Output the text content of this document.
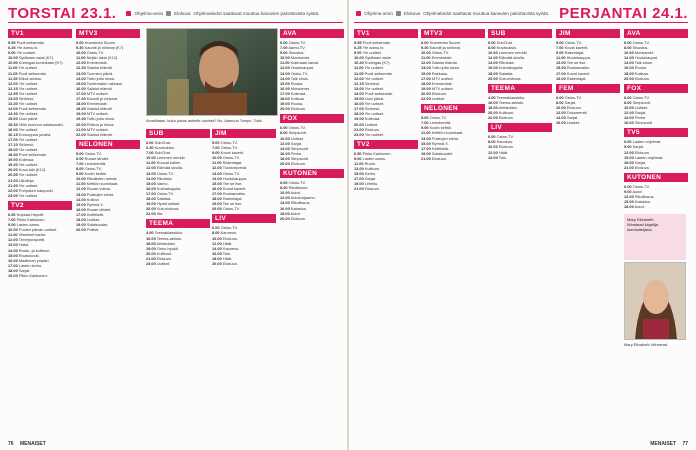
TORSTAI 23.1.	Ohjelma-arvio Elokuva Ohjelmatiedot saattavat muuttua kanavien pakottavista syistä.	Ohjelma-arvio Elokuva Ohjelmatiedot saattavat muuttua kanavien pakottavista syistä. PERJANTAI 24.1.
TV1
5.55 Puoli seitsemän.
6.25 Yle aamu-tv.
9.00 Yle uutiset.
10.00 Sydämen asiat (K7).
10.50 Kuningas-kuninkaan (K7).
11.00 Yle uutiset.
11.05 Puoli seitsemän.
11.35 Elävä arkisto.
12.00 Yle uutiset.
12.15 Yle uutiset.
12.55 Yle uutiset.
13.00 Strömsö.
13.30 Yle uutiset.
14.00 Puoli seitsemän.
14.30 Yle uutiset.
15.00 Uusi päivä.
15.30 Villin luonnon salaisuudet.
16.00 Yle uutiset.
16.15 Eurooppaa junalla.
17.00 Yle uutiset.
17.10 Strömsö.
18.00 Yle uutiset.
18.30 Puoli seitsemän.
19.00 Kotimaa.
19.30 Yle uutiset.
20.00 Kova laki (K12).
20.55 Yle uutiset.
21.00 Ulkolinja.
21.30 Yle uutiset.
22.00 Pohjoisen kaupunki.
23.00 Yle uutiset.
TV2
6.50 Nopsaa Hepulit.
7.00 Pikku Kakkonen.
9.00 Lasten aamu.
10.00 Puolen päivän uutiset.
11.00 Viimeiset kadut.
12.00 Terveysraportti.
13.00 Hatut.
14.00 Ruutu- ja kulttuuri.
15.00 Ruutukuvat.
16.00 Maailman ympäri.
17.00 Lasten kerho.
18.00 Sarjat.
19.00 Pikku Kakkonen.
MTV3
6.00 Huomenta Suomi.
9.30 Kauniit ja rohkeat (K7).
10.00 Ostos-TV.
11.00 Neljän lakia (K12).
12.00 Emmerdale.
12.30 Salatut elämät.
13.00 Tuomion päivä.
14.00 Tuttu juttu show.
15.00 Tuntematon rakkaus.
16.00 Salatut elämät.
17.00 MTV uutiset.
17.30 Kauniit ja rohkeat.
18.00 Emmerdale.
18.30 Salatut elämät.
19.00 MTV uutiset.
19.30 Tuttu juttu show.
20.00 Pelkoa ja inhoa.
21.00 MTV uutiset.
22.00 Salatut elämät.
NELONEN
5.00 Ostos-TV.
6.00 Ruuan tähdet.
7.00 Lentokenttä.
8.00 Ostos-TV.
9.00 Kodin keittiö.
10.00 Rikollisten tarinat.
11.00 Keittiön kuninkaat.
12.00 Ruuan voima.
13.00 Puistojen sielut.
14.00 Kotiovi.
15.00 Ryhmä X.
16.00 Ruuan tähdet.
17.00 Keittiöstä.
18.00 Uutiset.
19.00 Salaisuudet.
20.00 Poliisit.
SUB
6.00 SubChat.
6.30 Kuvatuksia.
7.00 SubChat.
10.00 Lemmen merkki.
11.00 Rouvat kallen.
12.00 Elämää sivulla.
13.00 Ostos-TV.
14.00 Rikoksia.
15.00 Vaimo.
16.00 Kulmakuppila.
17.00 Ostos-TV.
18.00 Salaisia.
19.00 Hyvät uutiset.
20.00 Sub-elokuva.
22.00 Ilta.
TEEMA
4.00 Teemaklassikko.
16.00 Teema-arkisto.
18.00 Arkistoista.
19.00 Onko hyvää.
20.00 Kulttuuri.
21.00 Elokuva.
23.00 Uutiset.
JIM
5.00 Ostos-TV.
7.00 Ostos-TV.
9.00 Kovat kaverit.
10.00 Ostos-TV.
11.00 Rakentajat.
12.00 Tuotantovelat.
13.00 Ostos-TV.
14.00 Huutokauppa.
15.00 Tee se itse.
16.00 Kovat kaverit.
17.00 Ruokamatka.
18.00 Rakentajat.
19.00 Tee se itse.
20.00 Ostos-TV.
LIV
6.00 Ostos-TV.
8.00 Kauneus.
10.00 Elokuva.
12.00 Häät.
14.00 Kauneus.
16.00 Talo.
18.00 Häät.
20.00 Elokuva.
AVA
6.00 Ostos-TV.
7.00 Aamu-TV.
9.00 Sisustus.
10.00 Morsiamet.
11.00 Kotimaan kartat.
12.00 Huutokaupat.
13.00 Ostos-TV.
14.00 Talk show.
15.00 Ruoka.
16.00 Morsiamet.
17.00 Kotimaa.
18.00 Kokkaa.
19.00 Ruoka.
20.00 Elokuva.
FOX
6.00 Ostos-TV.
8.00 Simpsonit.
10.00 Uutiset.
12.00 Sarjat.
14.00 Simpsonit.
16.00 Perhe.
18.00 Simpsonit.
20.00 Elokuva.
KUTONEN
6.00 Ostos-TV.
8.00 Rikollisuus.
10.00 Autot.
12.00 Autokorjaamo.
14.00 Rikollisuus.
16.00 Kalastus.
18.00 Autot.
20.00 Elokuva.
TV1
5.55 Puoli seitsemän.
6.25 Yle aamu-tv.
9.00 Yle uutiset.
10.00 Sydämen asiat.
10.40 Kuningas (K7).
11.00 Yle uutiset.
11.05 Puoli seitsemän.
12.00 Yle uutiset.
12.15 Strömsö.
13.00 Yle uutiset.
14.00 Puoli seitsemän.
15.00 Uusi päivä.
16.00 Yle uutiset.
17.00 Strömsö.
18.00 Yle uutiset.
19.00 Kotimaa.
20.00 Uutiset.
21.00 Elokuva.
23.00 Yle uutiset.
TV2
6.50 Pikku Kakkonen.
9.00 Lasten aamu.
11.00 Ruutu.
13.00 Kulttuuri.
15.00 Kerho.
17.00 Sarjat.
19.00 Urheilu.
21.00 Elokuva.
MTV3
6.00 Huomenta Suomi.
9.30 Kauniit ja rohkeat.
10.00 Ostos-TV.
11.00 Emmerdale.
12.00 Salatut elämät.
13.00 Tuttu juttu show.
15.00 Rakkaus.
17.00 MTV uutiset.
18.00 Emmerdale.
19.00 MTV uutiset.
20.00 Elokuva.
22.00 Uutiset.
NELONEN
5.00 Ostos-TV.
7.00 Lentokenttä.
9.00 Kodin keittiö.
11.00 Keittiön kuninkaat.
13.00 Puistojen sielut.
15.00 Ryhmä X.
17.00 Keittiöstä.
19.00 Salaisuudet.
21.00 Elokuva.
SUB
6.00 SubChat.
8.00 Kuvatuksia.
10.00 Lemmen merkki.
12.00 Elämää sivulla.
14.00 Rikoksia.
16.00 Kulmakuppila.
18.00 Salaisia.
20.00 Sub-elokuva.
TEEMA
4.00 Teemaklassikko.
16.00 Teema-arkisto.
18.00 Arkistoista.
20.00 Kulttuuri.
22.00 Elokuva.
LIV
6.00 Ostos-TV.
8.00 Kauneus.
10.00 Elokuva.
12.00 Häät.
14.00 Talo.
JIM
5.00 Ostos-TV.
7.00 Kovat kaverit.
9.00 Rakentajat.
11.00 Huutokauppa.
13.00 Tee se itse.
15.00 Ruokamatka.
17.00 Kovat kaverit.
19.00 Rakentajat.
FEM
6.00 Ostos-TV.
8.00 Sarjat.
10.00 Elokuva.
12.00 Dokumentti.
14.00 Sarjat.
16.00 Uutiset.
AVA
6.00 Ostos-TV.
8.00 Sisustus.
10.00 Morsiamet.
12.00 Huutokaupat.
14.00 Talk show.
16.00 Ruoka.
18.00 Kokkaa.
20.00 Elokuva.
FOX
6.00 Ostos-TV.
8.00 Simpsonit.
10.00 Uutiset.
12.00 Sarjat.
14.00 Perhe.
16.00 Simpsonit.
TV5
6.00 Lasten ohjelmat.
9.00 Sarjat.
12.00 Elokuva.
15.00 Lasten ohjelmat.
18.00 Sarjat.
21.00 Elokuva.
KUTONEN
6.00 Ostos-TV.
9.00 Autot.
12.00 Rikollisuus.
15.00 Kalastus.
18.00 Autot.
Arvaillaaan, kuka jostus auttelle uusinta? No, Aamuun Tompo, Tokk.
Mary Elizabeth
Winstead kirjailija
luennoitsijana.
Mary Elizabeth Winstead.
76 MENAISET	MENAISET 77
